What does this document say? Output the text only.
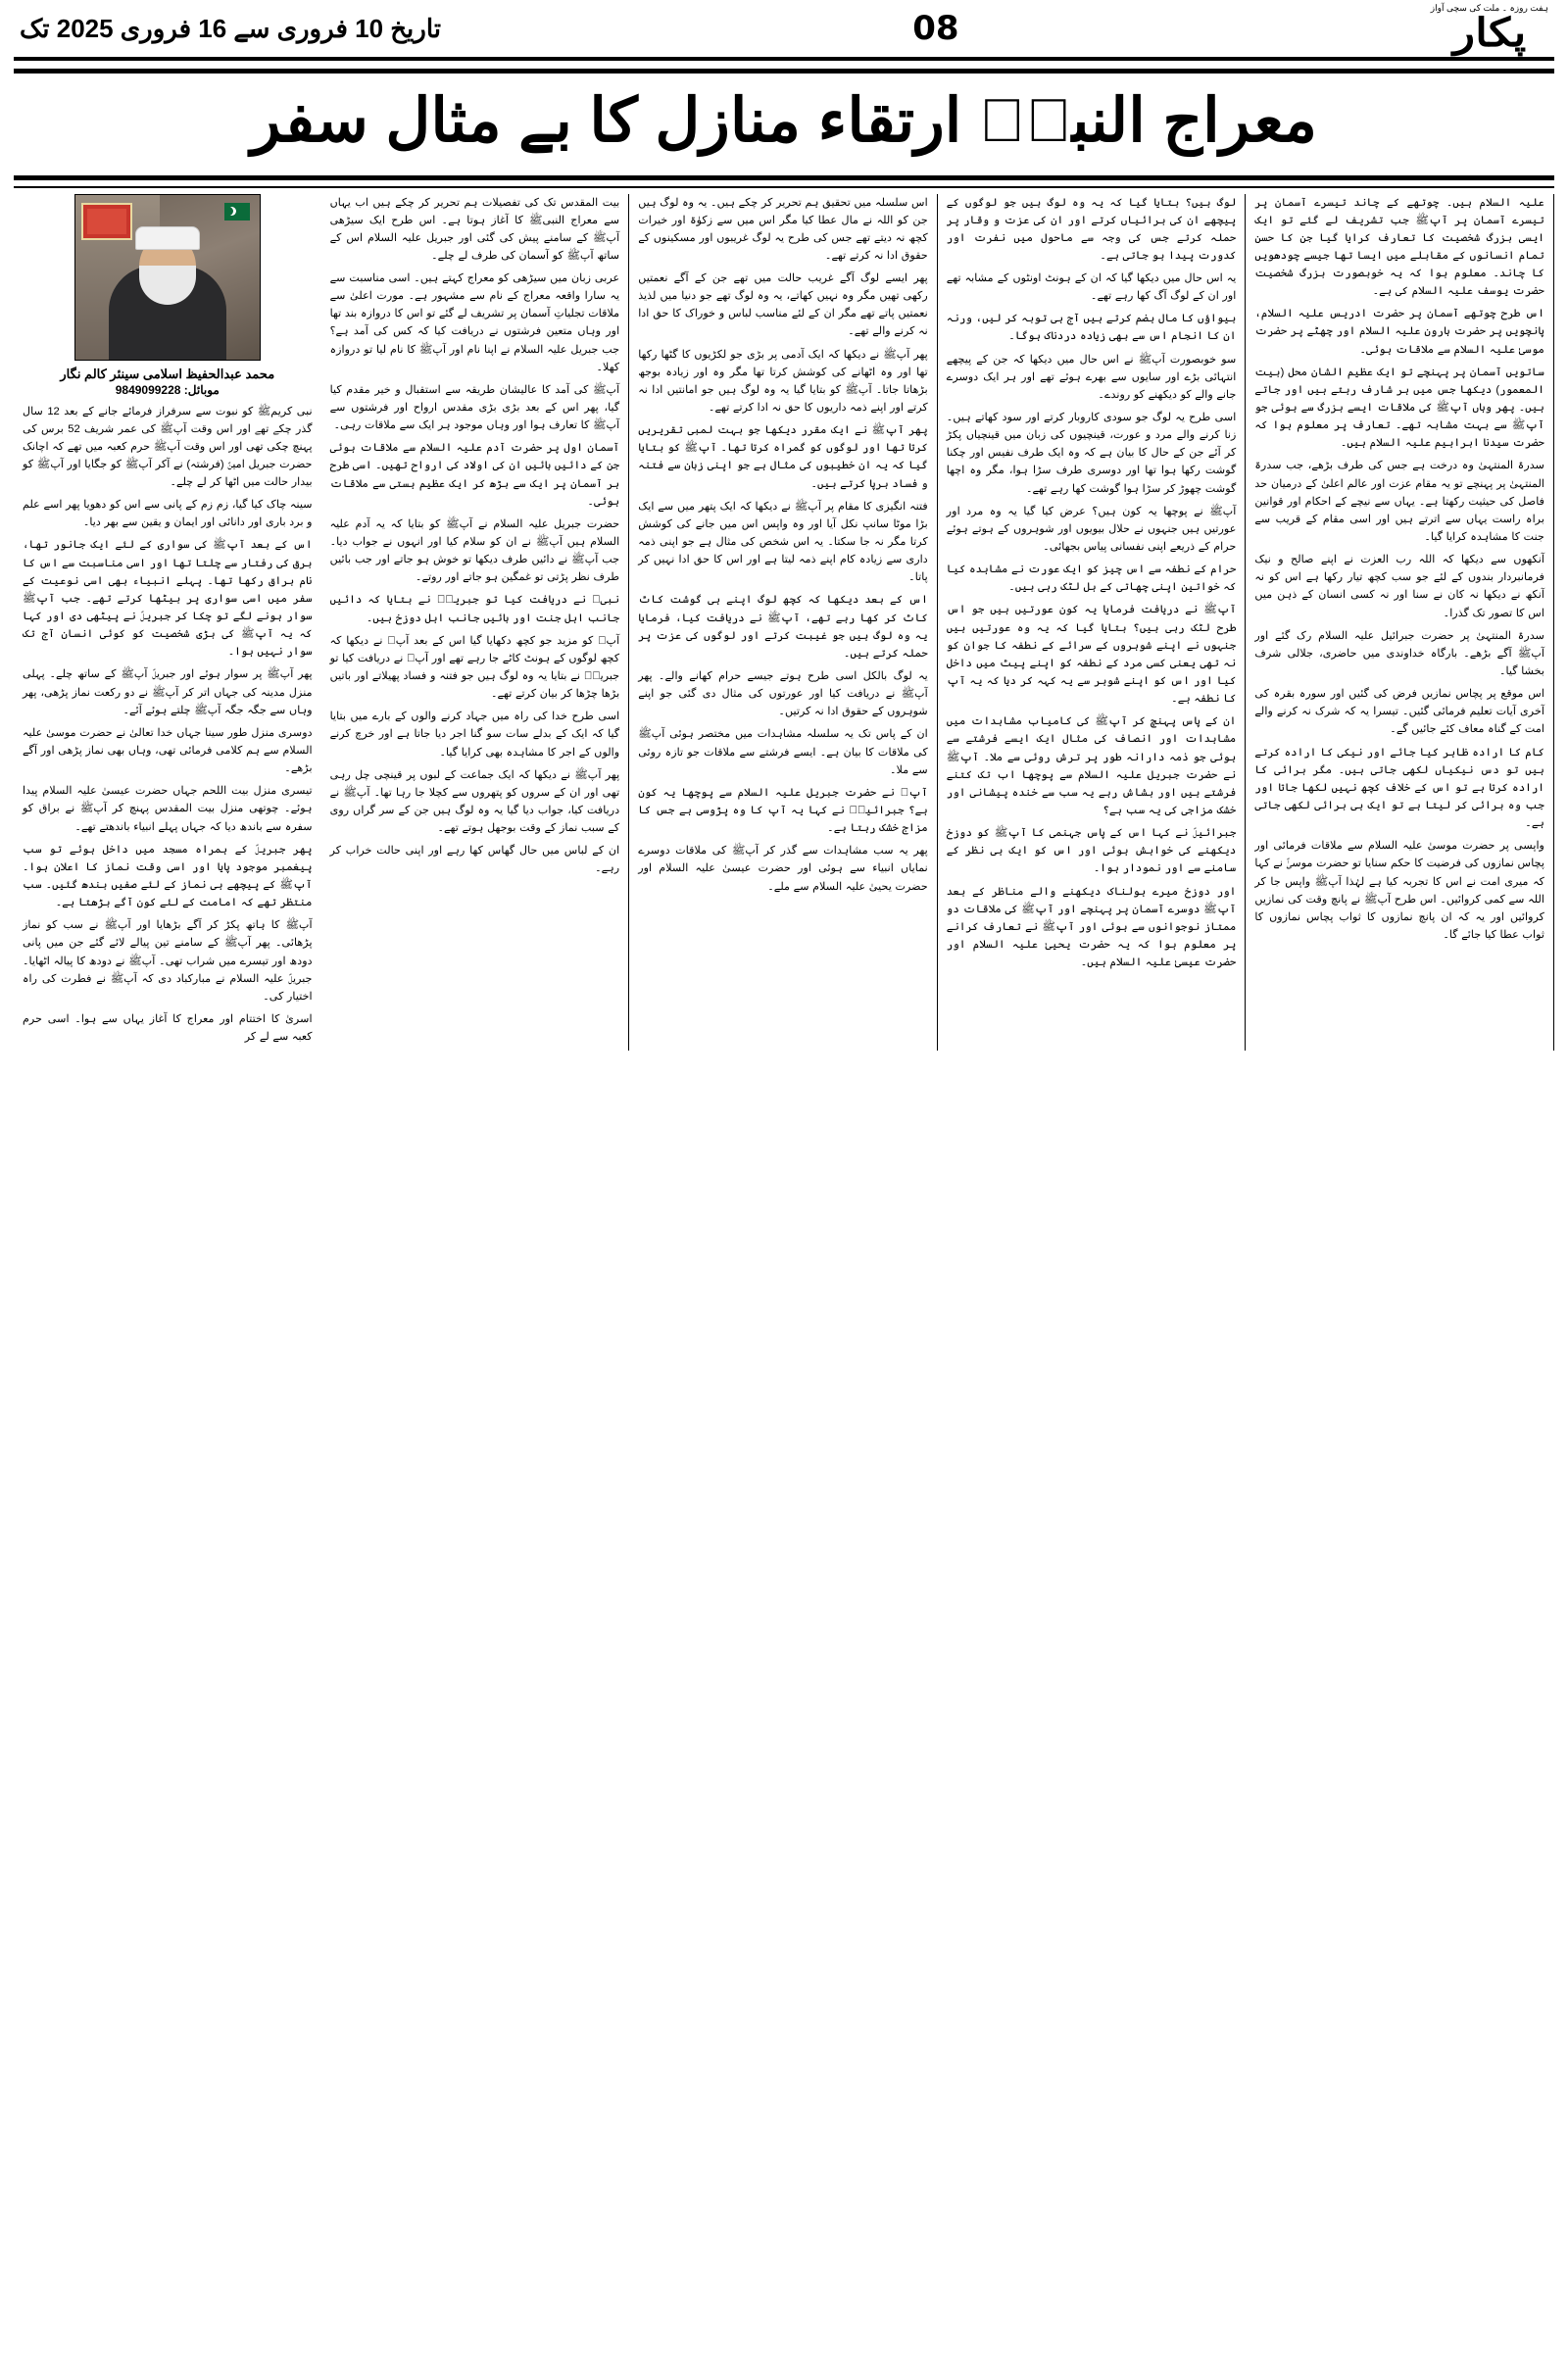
تاریخ 10 فروری سے 16 فروری 2025 تک	08
ہفت روزہ ۔ ملت کی سچی آواز
پکار
معراج النبیؐ ارتقاء منازل کا بے مثال سفر
محمد عبدالحفیظ اسلامی سینئر کالم نگار
موبائل: 9849099228

نبی کریمﷺ کو نبوت سے سرفراز فرمائے جانے کے بعد 12 سال گذر چکے تھے اور اس وقت آپﷺ کی عمر شریف 52 برس کی پہنچ چکی تھی اور اس وقت آپﷺ حرم کعبہ میں تھے کہ اچانک حضرت جبریل امینؑ (فرشتہ) نے آکر آپﷺ کو جگایا اور آپﷺ کو بیدار حالت میں اٹھا کر لے چلے۔

سینہ چاک کیا گیا، زم زم کے پانی سے اس کو دھویا پھر اسے علم و برد باری اور دانائی اور ایمان و یقین سے بھر دیا۔

اس کے بعد آپﷺ کی سواری کے لئے ایک جانور تھا، برق کی رفتار سے چلتا تھا اور اسی مناسبت سے اس کا نام براق رکھا تھا۔ پہلے انبیاء بھی اسی نوعیت کے سفر میں اسی سواری پر بیٹھا کرتے تھے۔ جب آپﷺ سوار ہونے لگے تو چکا کر جبریلؑ نے پیٹھی دی اور کہا کہ یہ آپﷺ کی بڑی شخصیت کو کوئی انسان آج تک سوار نہیں ہوا۔

پھر آپﷺ پر سوار ہوئے اور جبریلؑ آپﷺ کے ساتھ چلے۔ پہلی منزل مدینہ کی جہاں اتر کر آپﷺ نے دو رکعت نماز پڑھی، پھر وہاں سے جگہ جگہ آپﷺ چلتے ہوئے آئے۔

دوسری منزل طور سینا جہاں خدا تعالیٰ نے حضرت موسیٰ علیہ السلام سے ہم کلامی فرمائی تھی، وہاں بھی نماز پڑھی اور آگے بڑھے۔

تیسری منزل بیت اللحم جہاں حضرت عیسیٰ علیہ السلام پیدا ہوئے۔ چوتھی منزل بیت المقدس پہنچ کر آپﷺ نے براق کو سفرہ سے باندھ دیا کہ جہاں پہلے انبیاء باندھتے تھے۔

پھر جبریلؑ کے ہمراہ مسجد میں داخل ہوئے تو سب پیغمبر موجود پایا اور اسی وقت نماز کا اعلان ہوا۔ آپﷺ کے پیچھے ہی نماز کے لئے صفیں بندھ گئیں۔ سب منتظر تھے کہ امامت کے لئے کون آگے بڑھتا ہے۔

آپﷺ کا ہاتھ پکڑ کر آگے بڑھایا اور آپﷺ نے سب کو نماز پڑھائی۔ پھر آپﷺ کے سامنے تین پیالے لائے گئے جن میں پانی دودھ اور تیسرے میں شراب تھی۔ آپﷺ نے دودھ کا پیالہ اٹھایا۔ جبریلؑ علیہ السلام نے مبارکباد دی کہ آپﷺ نے فطرت کی راہ اختیار کی۔

اسریٰ کا اختتام اور معراج کا آغاز یہاں سے ہوا۔ اسی حرم کعبہ سے لے کر

بیت المقدس تک کی تفصیلات ہم تحریر کر چکے ہیں اب یہاں سے معراج النبیﷺ کا آغاز ہوتا ہے۔ اس طرح ایک سیڑھی آپﷺ کے سامنے پیش کی گئی اور جبریل علیہ السلام اس کے ساتھ آپﷺ کو آسمان کی طرف لے چلے۔

عربی زبان میں سیڑھی کو معراج کہتے ہیں۔ اسی مناسبت سے یہ سارا واقعہ معراج کے نام سے مشہور ہے۔ مورت اعلیٰ سے ملاقات تجلیاتِ آسمان پر تشریف لے گئے تو اس کا دروازہ بند تھا اور وہاں متعین فرشتوں نے دریافت کیا کہ کس کی آمد ہے؟ جب جبریل علیہ السلام نے اپنا نام اور آپﷺ کا نام لیا تو دروازہ کھلا۔

آپﷺ کی آمد کا عالیشان طریقہ سے استقبال و خیر مقدم کیا گیا، پھر اس کے بعد بڑی بڑی مقدس ارواح اور فرشتوں سے آپﷺ کا تعارف ہوا اور وہاں موجود ہر ایک سے ملاقات رہی۔

آسمان اول پر حضرت آدم علیہ السلام سے ملاقات ہوئی جن کے دائیں بائیں ان کی اولاد کی ارواح تھیں۔ اسی طرح ہر آسمان پر ایک سے بڑھ کر ایک عظیم ہستی سے ملاقات ہوئی۔

حضرت جبریل علیہ السلام نے آپﷺ کو بتایا کہ یہ آدم علیہ السلام ہیں آپﷺ نے ان کو سلام کیا اور انہوں نے جواب دیا۔ جب آپﷺ نے دائیں طرف دیکھا تو خوش ہو جاتے اور جب بائیں طرف نظر پڑتی تو غمگین ہو جاتے اور روتے۔

نبیﷺ نے دریافت کیا تو جبریلؑ نے بتایا کہ دائیں جانب اہل جنت اور بائیں جانب اہل دوزخ ہیں۔

آپﷺ کو مزید جو کچھ دکھایا گیا اس کے بعد آپﷺ نے دیکھا کہ کچھ لوگوں کے ہونٹ کاٹے جا رہے تھے اور آپﷺ نے دریافت کیا تو جبریلؑ نے بتایا یہ وہ لوگ ہیں جو فتنہ و فساد پھیلاتے اور باتیں بڑھا چڑھا کر بیان کرتے تھے۔

اسی طرح خدا کی راہ میں جہاد کرنے والوں کے بارے میں بتایا گیا کہ ایک کے بدلے سات سو گنا اجر دیا جاتا ہے اور خرچ کرنے والوں کے اجر کا مشاہدہ بھی کرایا گیا۔

پھر آپﷺ نے دیکھا کہ ایک جماعت کے لبوں پر قینچی چل رہی تھی اور ان کے سروں کو پتھروں سے کچلا جا رہا تھا۔ آپﷺ نے دریافت کیا، جواب دیا گیا یہ وہ لوگ ہیں جن کے سر گراں روی کے سبب نماز کے وقت بوجھل ہوتے تھے۔

ان کے لباس میں حال گھاس کھا رہے اور اپنی حالت خراب کر رہے۔

اس سلسلہ میں تحقیق ہم تحریر کر چکے ہیں۔ یہ وہ لوگ ہیں جن کو اللہ نے مال عطا کیا مگر اس میں سے زکوٰۃ اور خیرات کچھ نہ دیتے تھے جس کی طرح یہ لوگ غریبوں اور مسکینوں کے حقوق ادا نہ کرتے تھے۔

پھر ایسے لوگ آگے غریب حالت میں تھے جن کے آگے نعمتیں رکھی تھیں مگر وہ نہیں کھاتے، یہ وہ لوگ تھے جو دنیا میں لذیذ نعمتیں پاتے تھے مگر ان کے لئے مناسب لباس و خوراک کا حق ادا نہ کرنے والے تھے۔

پھر آپﷺ نے دیکھا کہ ایک آدمی پر بڑی جو لکڑیوں کا گٹھا رکھا تھا اور وہ اٹھانے کی کوشش کرتا تھا مگر وہ اور زیادہ بوجھ بڑھاتا جاتا۔ آپﷺ کو بتایا گیا یہ وہ لوگ ہیں جو امانتیں ادا نہ کرتے اور اپنے ذمہ داریوں کا حق نہ ادا کرتے تھے۔

پھر آپﷺ نے ایک مقرر دیکھا جو بہت لمبی تقریریں کرتا تھا اور لوگوں کو گمراہ کرتا تھا۔ آپﷺ کو بتایا گیا کہ یہ ان خطیبوں کی مثال ہے جو اپنی زبان سے فتنہ و فساد برپا کرتے ہیں۔

فتنہ انگیزی کا مقام پر آپﷺ نے دیکھا کہ ایک پتھر میں سے ایک بڑا موٹا سانپ نکل آیا اور وہ واپس اس میں جانے کی کوشش کرتا مگر نہ جا سکتا۔ یہ اس شخص کی مثال ہے جو اپنی ذمہ داری سے زیادہ کام اپنے ذمہ لیتا ہے اور اس کا حق ادا نہیں کر پاتا۔

اس کے بعد دیکھا کہ کچھ لوگ اپنے ہی گوشت کاٹ کاٹ کر کھا رہے تھے، آپﷺ نے دریافت کیا، فرمایا یہ وہ لوگ ہیں جو غیبت کرتے اور لوگوں کی عزت پر حملہ کرتے ہیں۔

یہ لوگ بالکل اسی طرح ہوتے جیسے حرام کھانے والے۔ پھر آپﷺ نے دریافت کیا اور عورتوں کی مثال دی گئی جو اپنے شوہروں کے حقوق ادا نہ کرتیں۔

ان کے پاس تک یہ سلسلہ مشاہدات میں مختصر ہوئی آپﷺ کی ملاقات کا بیان ہے۔ ایسے فرشتے سے ملاقات جو تازہ روئی سے ملا۔

آپﷺ نے حضرت جبریل علیہ السلام سے پوچھا یہ کون ہے؟ جبرائیلؑ نے کہا یہ آپ کا وہ پڑوسی ہے جس کا مزاج خشک رہتا ہے۔

پھر یہ سب مشاہدات سے گذر کر آپﷺ کی ملاقات دوسرے نمایاں انبیاء سے ہوئی اور حضرت عیسیٰ علیہ السلام اور حضرت یحییٰ علیہ السلام سے ملے۔

لوگ ہیں؟ بتایا گیا کہ یہ وہ لوگ ہیں جو لوگوں کے پیچھے ان کی برائیاں کرتے اور ان کی عزت و وقار پر حملہ کرتے جس کی وجہ سے ماحول میں نفرت اور کدورت پیدا ہو جاتی ہے۔

یہ اس حال میں دیکھا گیا کہ ان کے ہونٹ اونٹوں کے مشابہ تھے اور ان کے لوگ آگ کھا رہے تھے۔

بیواؤں کا مال ہضم کرتے ہیں آج ہی توبہ کر لیں، ورنہ ان کا انجام اس سے بھی زیادہ دردناک ہوگا۔

سو خوبصورت آپﷺ نے اس حال میں دیکھا کہ جن کے پیچھے انتہائی بڑے اور سایوں سے بھرے ہوئے تھے اور ہر ایک دوسرے جانے والے کو دیکھنے کو روندے۔

اسی طرح یہ لوگ جو سودی کاروبار کرتے اور سود کھاتے ہیں۔ زنا کرنے والے مرد و عورت، قینچیوں کی زبان میں قینچیاں پکڑ کر آئے جن کے حال کا بیان ہے کہ وہ ایک طرف نفیس اور چکنا گوشت رکھا ہوا تھا اور دوسری طرف سڑا ہوا، مگر وہ اچھا گوشت چھوڑ کر سڑا ہوا گوشت کھا رہے تھے۔

آپﷺ نے پوچھا یہ کون ہیں؟ عرض کیا گیا یہ وہ مرد اور عورتیں ہیں جنہوں نے حلال بیویوں اور شوہروں کے ہوتے ہوئے حرام کے ذریعے اپنی نفسانی پیاس بجھائی۔

حرام کے نطفہ سے اس چیز کو ایک عورت نے مشاہدہ کیا کہ خواتین اپنی چھاتی کے بل لٹک رہی ہیں۔

آپﷺ نے دریافت فرمایا یہ کون عورتیں ہیں جو اس طرح لٹک رہی ہیں؟ بتایا گیا کہ یہ وہ عورتیں ہیں جنہوں نے اپنے شوہروں کے سرائے کے نطفہ کا جوان کو نہ تھی یعنی کسی مرد کے نطفہ کو اپنے پیٹ میں داخل کیا اور اس کو اپنے شوہر سے یہ کہہ کر دیا کہ یہ آپ کا نطفہ ہے۔

ان کے پاس پہنچ کر آپﷺ کی کامیاب مشاہدات میں مشاہدات اور انصاف کی مثال ایک ایسے فرشتے سے ہوئی جو ذمہ دارانہ طور پر ترش روئی سے ملا۔ آپﷺ نے حضرت جبریل علیہ السلام سے پوچھا اب تک کتنے فرشتے ہیں اور بشاش رہے یہ سب سے خندہ پیشانی اور خشک مزاجی کی یہ سب ہے؟

جبرائیلؑ نے کہا اس کے پاس جہنمی کا آپﷺ کو دوزخ دیکھنے کی خواہش ہوئی اور اس کو ایک ہی نظر کے سامنے سے اور نمودار ہوا۔

اور دوزخ میرے ہولناک دیکھنے والے مناظر کے بعد آپﷺ دوسرے آسمان پر پہنچے اور آپﷺ کی ملاقات دو ممتاز نوجوانوں سے ہوئی اور آپﷺ نے تعارف کرانے پر معلوم ہوا کہ یہ حضرت یحییٰ علیہ السلام اور حضرت عیسیٰ علیہ السلام ہیں۔

علیہ السلام ہیں۔ چوتھے کے چاند تیسرے آسمان پر تیسرے آسمان پر آپﷺ جب تشریف لے گئے تو ایک ایسی بزرگ شخصیت کا تعارف کرایا گیا جن کا حسن تمام انسانوں کے مقابلے میں ایسا تھا جیسے چودھویں کا چاند۔ معلوم ہوا کہ یہ خوبصورت بزرگ شخصیت حضرت یوسف علیہ السلام کی ہے۔

اس طرح چوتھے آسمان پر حضرت ادریس علیہ السلام، پانچویں پر حضرت ہارون علیہ السلام اور چھٹے پر حضرت موسیٰ علیہ السلام سے ملاقات ہوئی۔

ساتویں آسمان پر پہنچے تو ایک عظیم الشان محل (بیت المعمور) دیکھا جس میں ہر شارف رہتے ہیں اور جاتے ہیں۔ پھر وہاں آپﷺ کی ملاقات ایسے بزرگ سے ہوئی جو آپﷺ سے بہت مشابہ تھے۔ تعارف پر معلوم ہوا کہ حضرت سیدنا ابراہیم علیہ السلام ہیں۔

سدرۃ المنتہیٰ وہ درخت ہے جس کی طرف بڑھے، جب سدرۃ المنتہیٰ پر پہنچے تو یہ مقام عزت اور عالم اعلیٰ کے درمیان حد فاصل کی حیثیت رکھتا ہے۔ یہاں سے نیچے کے احکام اور قوانین براہ راست یہاں سے اترتے ہیں اور اسی مقام کے قریب سے جنت کا مشاہدہ کرایا گیا۔

آنکھوں سے دیکھا کہ اللہ رب العزت نے اپنے صالح و نیک فرمانبردار بندوں کے لئے جو سب کچھ تیار رکھا ہے اس کو نہ آنکھ نے دیکھا نہ کان نے سنا اور نہ کسی انسان کے ذہن میں اس کا تصور تک گذرا۔

سدرۃ المنتہیٰ پر حضرت جبرائیل علیہ السلام رک گئے اور آپﷺ آگے بڑھے۔ بارگاہ خداوندی میں حاضری، جلالی شرف بخشا گیا۔

اس موقع پر پچاس نمازیں فرض کی گئیں اور سورہ بقرہ کی آخری آیات تعلیم فرمائی گئیں۔ تیسرا یہ کہ شرک نہ کرنے والے امت کے گناہ معاف کئے جائیں گے۔

کام کا ارادہ ظاہر کیا جائے اور نیکی کا ارادہ کرتے ہیں تو دس نیکیاں لکھی جاتی ہیں۔ مگر برائی کا ارادہ کرتا ہے تو اس کے خلاف کچھ نہیں لکھا جاتا اور جب وہ برائی کر لیتا ہے تو ایک ہی برائی لکھی جاتی ہے۔

واپسی پر حضرت موسیٰ علیہ السلام سے ملاقات فرمائی اور پچاس نمازوں کی فرضیت کا حکم سنایا تو حضرت موسیٰؑ نے کہا کہ میری امت نے اس کا تجربہ کیا ہے لہٰذا آپﷺ واپس جا کر اللہ سے کمی کروائیں۔ اس طرح آپﷺ نے پانچ وقت کی نمازیں کروائیں اور یہ کہ ان پانچ نمازوں کا ثواب پچاس نمازوں کا ثواب عطا کیا جائے گا۔
